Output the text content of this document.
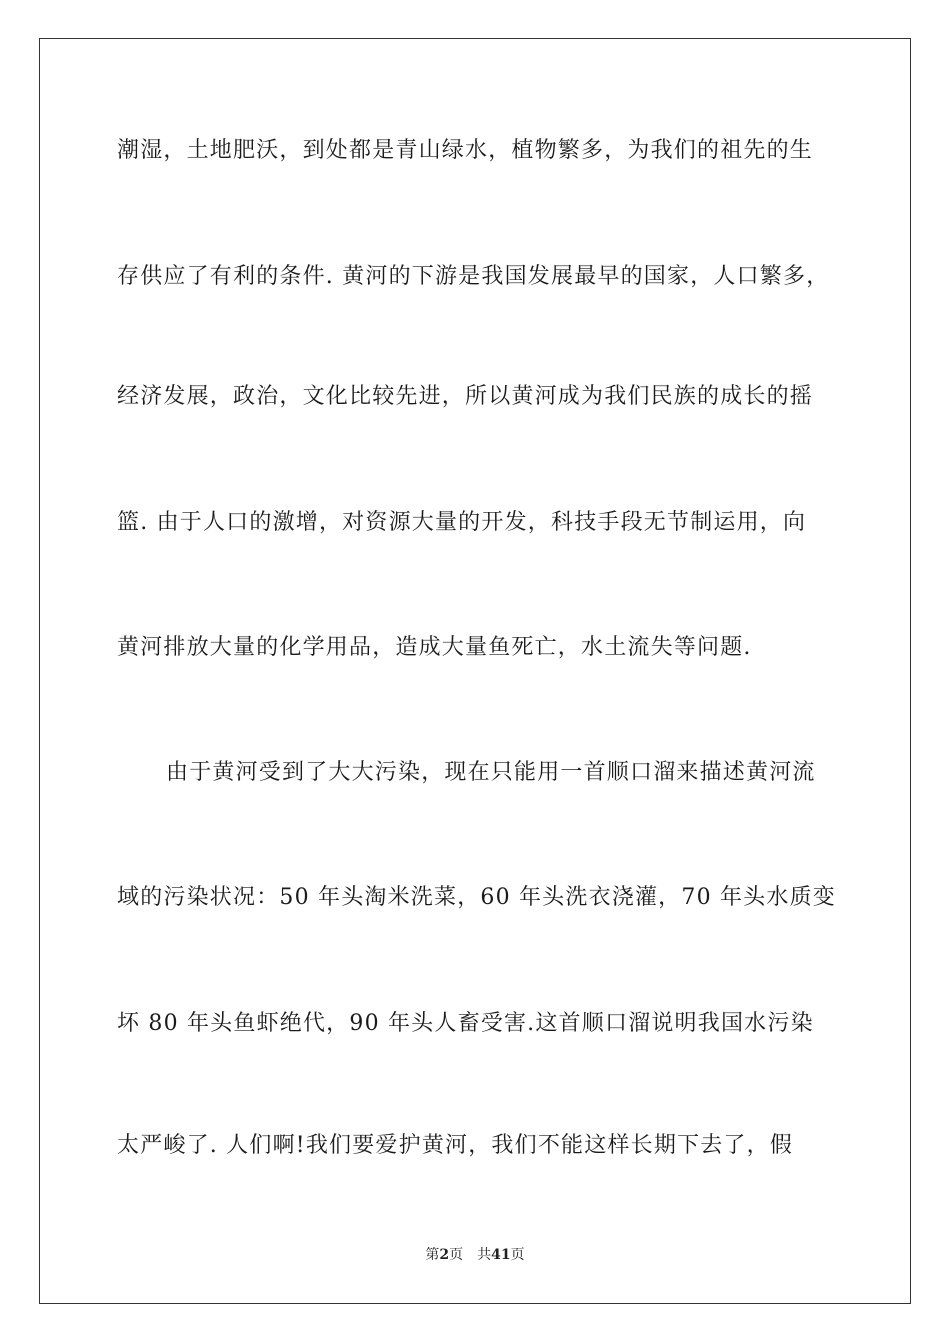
潮湿，土地肥沃，到处都是青山绿水，植物繁多，为我们的祖先的生
存供应了有利的条件. 黄河的下游是我国发展最早的国家，人口繁多，
经济发展，政治，文化比较先进，所以黄河成为我们民族的成长的摇
篮. 由于人口的激增，对资源大量的开发，科技手段无节制运用，向
黄河排放大量的化学用品，造成大量鱼死亡，水土流失等问题.
由于黄河受到了大大污染，现在只能用一首顺口溜来描述黄河流
域的污染状况：50 年头淘米洗菜，60 年头洗衣浇灌，70 年头水质变
坏 80 年头鱼虾绝代，90 年头人畜受害.这首顺口溜说明我国水污染
太严峻了. 人们啊!我们要爱护黄河，我们不能这样长期下去了，假
第2页 共41页
